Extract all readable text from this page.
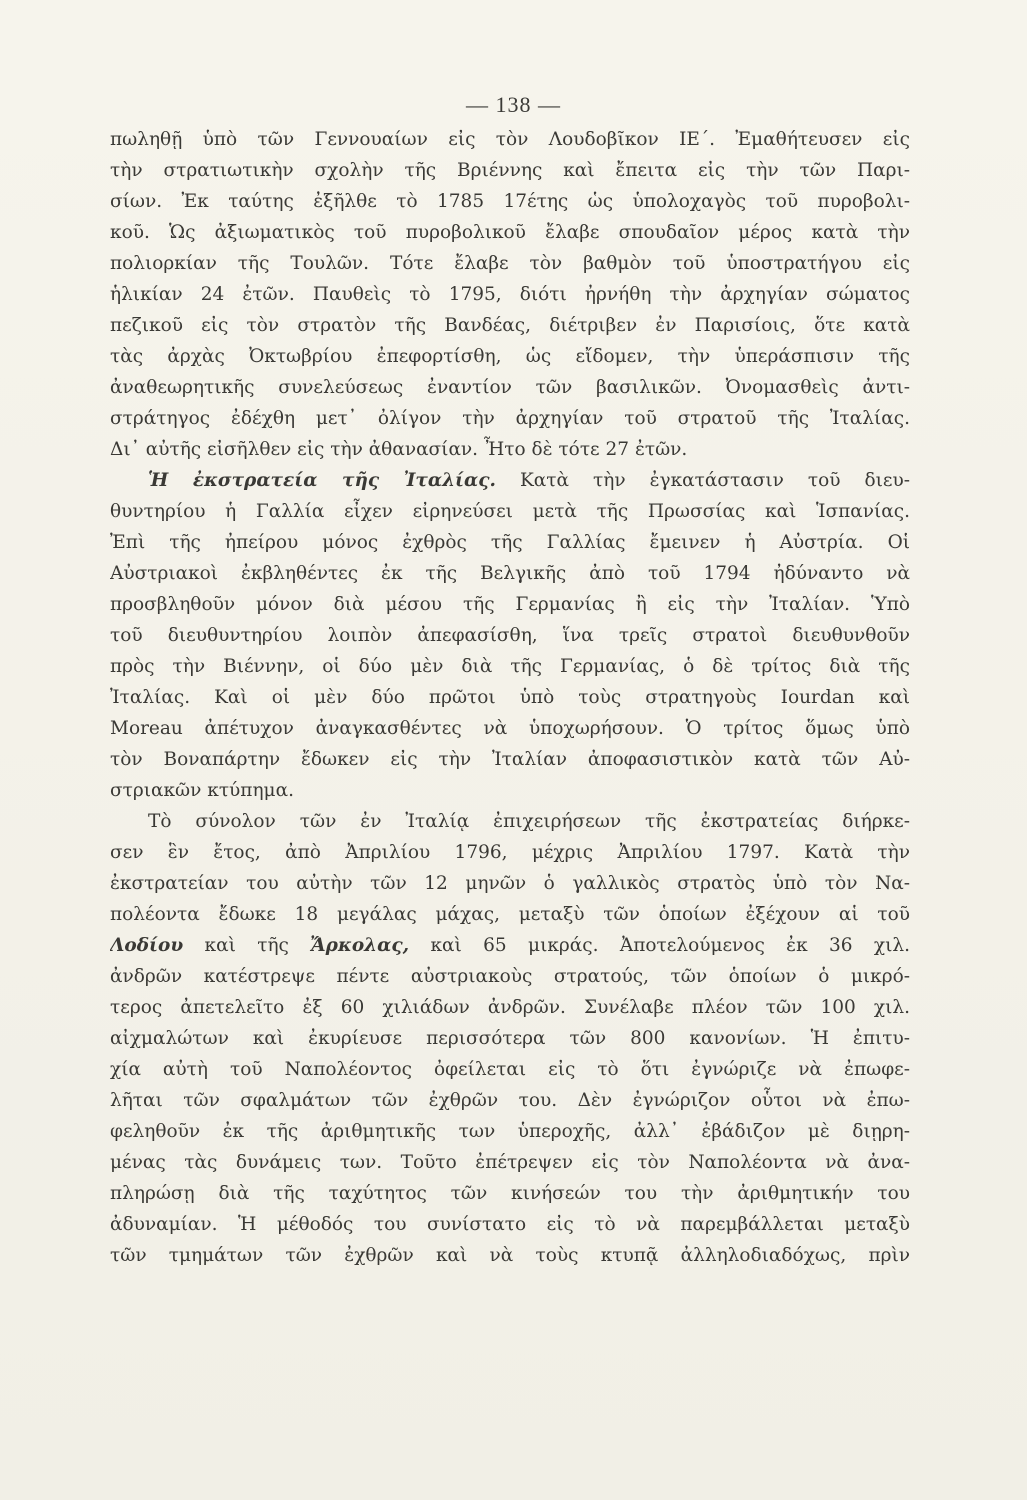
— 138 —
πωληθῇ ὑπὸ τῶν Γεννουαίων εἰς τὸν Λουδοβῖκον ΙΕ΄. Ἐμαθήτευσεν εἰς
τὴν στρατιωτικὴν σχολὴν τῆς Βριέννης καὶ ἔπειτα εἰς τὴν τῶν Παρι-
σίων. Ἐκ ταύτης ἐξῆλθε τὸ 1785 17έτης ὡς ὑπολοχαγὸς τοῦ πυροβολι-
κοῦ. Ὡς ἀξιωματικὸς τοῦ πυροβολικοῦ ἔλαβε σπουδαῖον μέρος κατὰ τὴν
πολιορκίαν τῆς Τουλῶν. Τότε ἔλαβε τὸν βαθμὸν τοῦ ὑποστρατήγου εἰς
ἡλικίαν 24 ἐτῶν. Παυθεὶς τὸ 1795, διότι ἠρνήθη τὴν ἀρχηγίαν σώματος
πεζικοῦ εἰς τὸν στρατὸν τῆς Βανδέας, διέτριβεν ἐν Παρισίοις, ὅτε κατὰ
τὰς ἀρχὰς Ὀκτωβρίου ἐπεφορτίσθη, ὡς εἴδομεν, τὴν ὑπεράσπισιν τῆς
ἀναθεωρητικῆς συνελεύσεως ἐναντίον τῶν βασιλικῶν. Ὀνομασθεὶς ἀντι-
στράτηγος ἐδέχθη μετ᾽ ὀλίγον τὴν ἀρχηγίαν τοῦ στρατοῦ τῆς Ἰταλίας.
Δι᾽ αὐτῆς εἰσῆλθεν εἰς τὴν ἀθανασίαν. Ἦτο δὲ τότε 27 ἐτῶν.
Ἡ ἐκστρατεία τῆς Ἰταλίας. Κατὰ τὴν ἐγκατάστασιν τοῦ διευ-
θυντηρίου ἡ Γαλλία εἶχεν εἰρηνεύσει μετὰ τῆς Πρωσσίας καὶ Ἱσπανίας.
Ἐπὶ τῆς ἠπείρου μόνος ἐχθρὸς τῆς Γαλλίας ἔμεινεν ἡ Αὐστρία. Οἱ
Αὐστριακοὶ ἐκβληθέντες ἐκ τῆς Βελγικῆς ἀπὸ τοῦ 1794 ἠδύναντο νὰ
προσβληθοῦν μόνον διὰ μέσου τῆς Γερμανίας ἢ εἰς τὴν Ἰταλίαν. Ὑπὸ
τοῦ διευθυντηρίου λοιπὸν ἀπεφασίσθη, ἵνα τρεῖς στρατοὶ διευθυνθοῦν
πρὸς τὴν Βιέννην, οἱ δύο μὲν διὰ τῆς Γερμανίας, ὁ δὲ τρίτος διὰ τῆς
Ἰταλίας. Καὶ οἱ μὲν δύο πρῶτοι ὑπὸ τοὺς στρατηγοὺς Iourdan καὶ
Moreau ἀπέτυχον ἀναγκασθέντες νὰ ὑποχωρήσουν. Ὁ τρίτος ὅμως ὑπὸ
τὸν Βοναπάρτην ἔδωκεν εἰς τὴν Ἰταλίαν ἀποφασιστικὸν κατὰ τῶν Αὐ-
στριακῶν κτύπημα.
Τὸ σύνολον τῶν ἐν Ἰταλίᾳ ἐπιχειρήσεων τῆς ἐκστρατείας διήρκε-
σεν ἓν ἔτος, ἀπὸ Ἀπριλίου 1796, μέχρις Ἀπριλίου 1797. Κατὰ τὴν
ἐκστρατείαν του αὐτὴν τῶν 12 μηνῶν ὁ γαλλικὸς στρατὸς ὑπὸ τὸν Να-
πολέοντα ἔδωκε 18 μεγάλας μάχας, μεταξὺ τῶν ὁποίων ἐξέχουν αἱ τοῦ
Λοδίου καὶ τῆς Ἄρκολας, καὶ 65 μικράς. Ἀποτελούμενος ἐκ 36 χιλ.
ἀνδρῶν κατέστρεψε πέντε αὐστριακοὺς στρατούς, τῶν ὁποίων ὁ μικρό-
τερος ἀπετελεῖτο ἐξ 60 χιλιάδων ἀνδρῶν. Συνέλαβε πλέον τῶν 100 χιλ.
αἰχμαλώτων καὶ ἐκυρίευσε περισσότερα τῶν 800 κανονίων. Ἡ ἐπιτυ-
χία αὐτὴ τοῦ Ναπολέοντος ὀφείλεται εἰς τὸ ὅτι ἐγνώριζε νὰ ἐπωφε-
λῆται τῶν σφαλμάτων τῶν ἐχθρῶν του. Δὲν ἐγνώριζον οὗτοι νὰ ἐπω-
φεληθοῦν ἐκ τῆς ἀριθμητικῆς των ὑπεροχῆς, ἀλλ᾽ ἐβάδιζον μὲ διῃρη-
μένας τὰς δυνάμεις των. Τοῦτο ἐπέτρεψεν εἰς τὸν Ναπολέοντα νὰ ἀνα-
πληρώσῃ διὰ τῆς ταχύτητος τῶν κινήσεών του τὴν ἀριθμητικήν του
ἀδυναμίαν. Ἡ μέθοδός του συνίστατο εἰς τὸ νὰ παρεμβάλλεται μεταξὺ
τῶν τμημάτων τῶν ἐχθρῶν καὶ νὰ τοὺς κτυπᾷ ἀλληλοδιαδόχως, πρὶν
